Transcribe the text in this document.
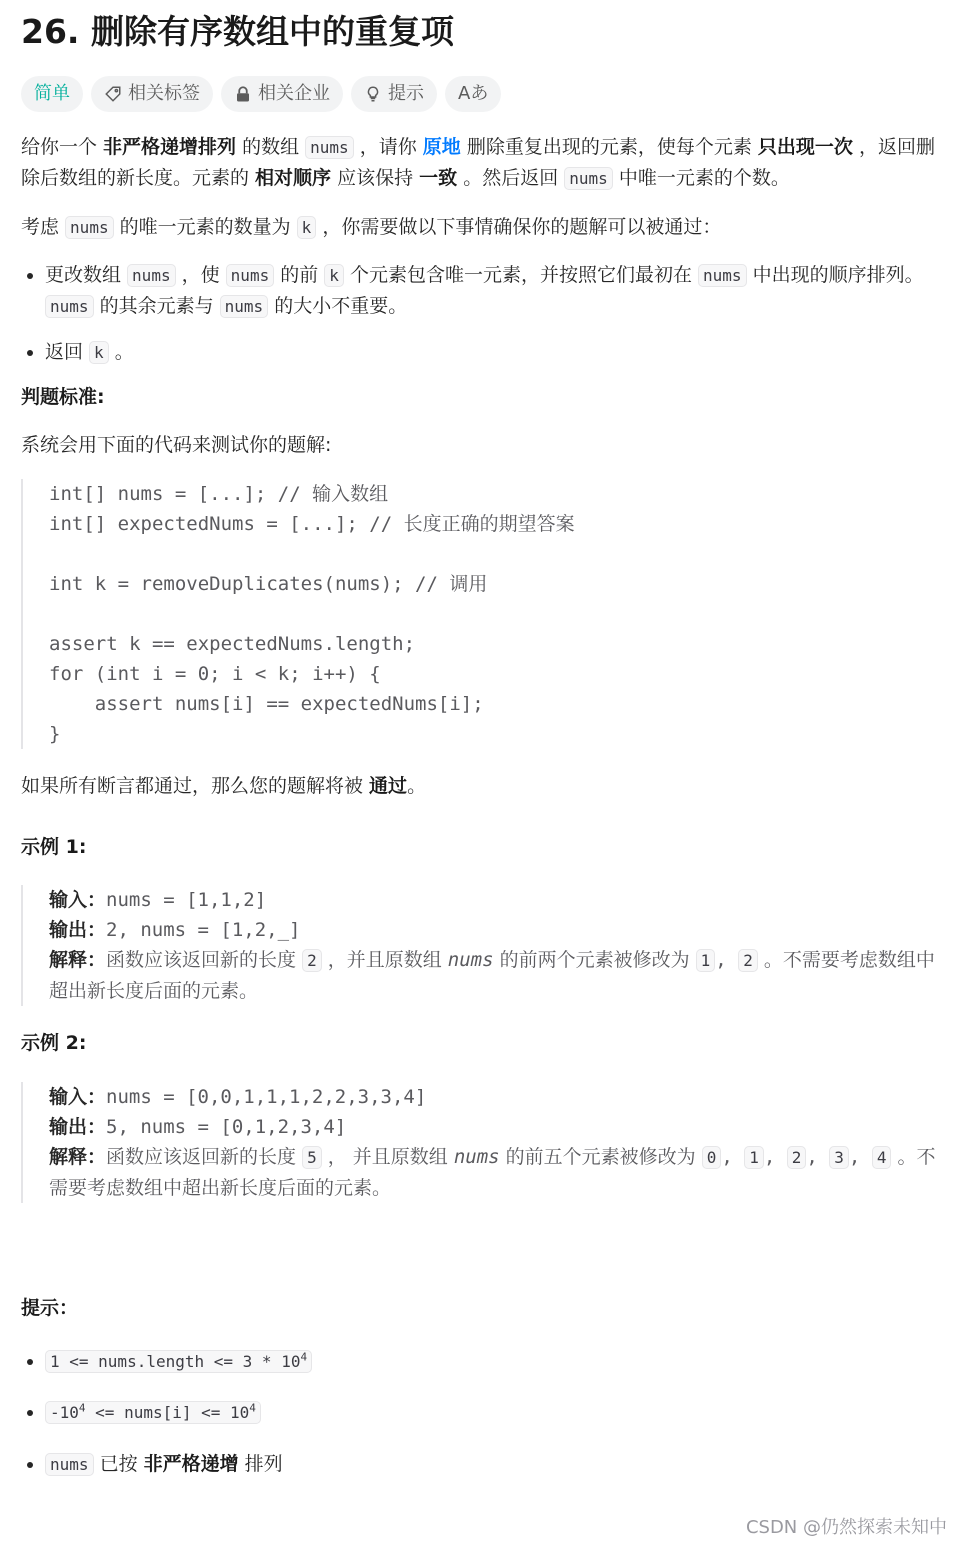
26. 删除有序数组中的重复项
简单	相关标签	相关企业	提示 Aあ

给你一个 非严格递增排列 的数组 nums ，请你 原地 删除重复出现的元素，使每个元素 只出现一次 ，返回删除后数组的新长度。元素的 相对顺序 应该保持 一致 。然后返回 nums 中唯一元素的个数。

考虑 nums 的唯一元素的数量为 k ，你需要做以下事情确保你的题解可以被通过：

• 更改数组 nums ，使 nums 的前 k 个元素包含唯一元素，并按照它们最初在 nums 中出现的顺序排列。nums 的其余元素与 nums 的大小不重要。
• 返回 k 。

判题标准:

系统会用下面的代码来测试你的题解:

int[] nums = [...]; // 输入数组
int[] expectedNums = [...]; // 长度正确的期望答案

int k = removeDuplicates(nums); // 调用

assert k == expectedNums.length;
for (int i = 0; i < k; i++) {
assert nums[i] == expectedNums[i];
}

如果所有断言都通过，那么您的题解将被 通过。

示例 1:
输入：nums = [1,1,2]
输出：2, nums = [1,2,_]
解释：函数应该返回新的长度 2 ，并且原数组 nums 的前两个元素被修改为 1 , 2 。不需要考虑数组中超出新长度后面的元素。
示例 2:
输入：nums = [0,0,1,1,1,2,2,3,3,4]
输出：5, nums = [0,1,2,3,4]
解释：函数应该返回新的长度 5 ， 并且原数组 nums 的前五个元素被修改为 0 , 1 , 2 , 3 , 4 。不需要考虑数组中超出新长度后面的元素。
提示：
• 1 <= nums.length <= $3 * 10^4$
• $-10^4$ <= nums[i] <= $10^4$
• nums 已按 非严格递增 排列
CSDN @仍然探索未知中
